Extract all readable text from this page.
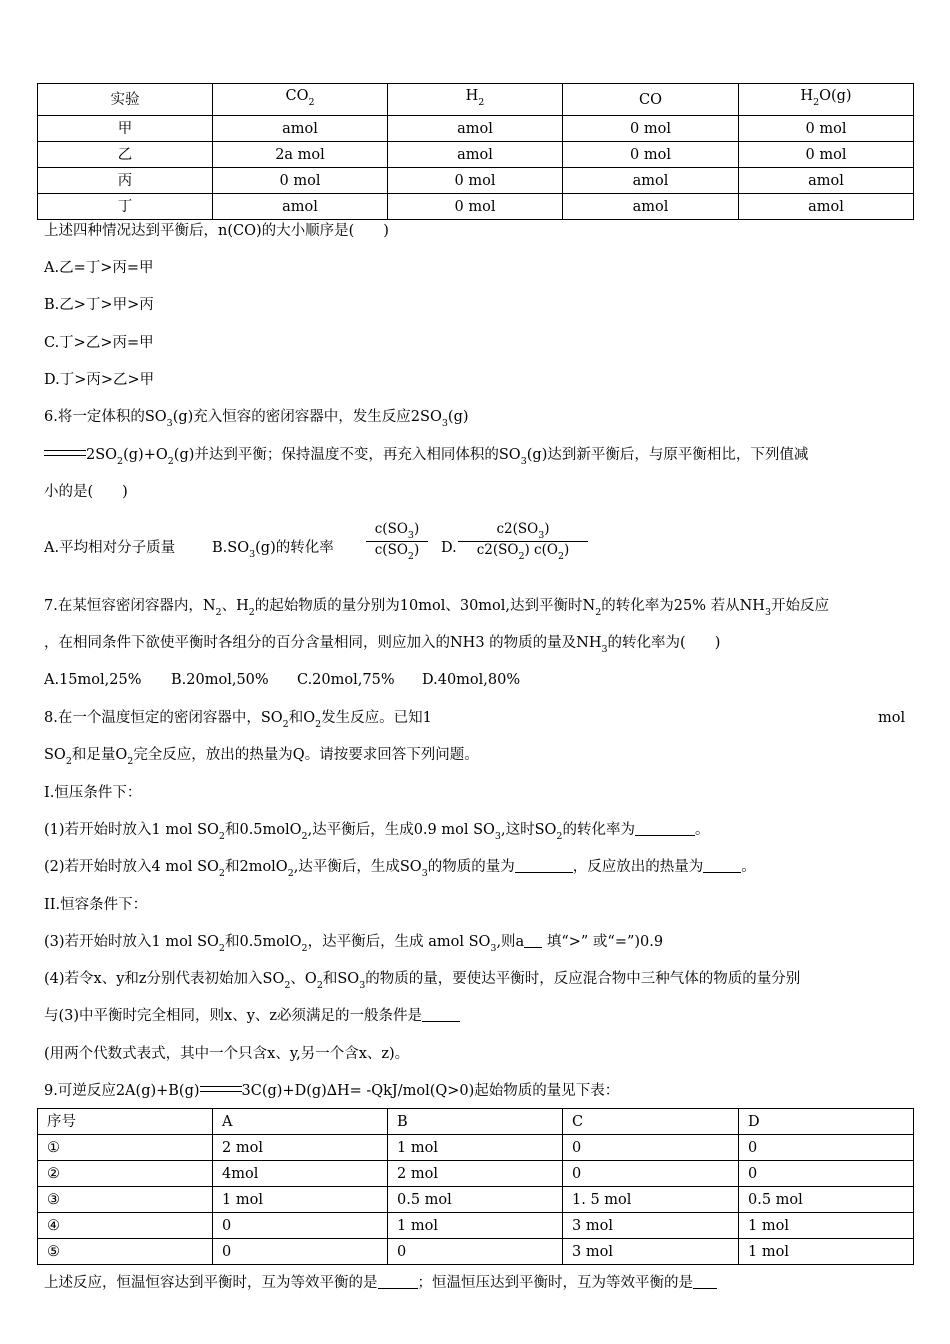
实验	$CO_2$	$H_2$	CO	$H_2O(g)$
甲	amol	amol	0 mol	0 mol
乙	2a mol	amol	0 mol	0 mol
丙	0 mol	0 mol	amol	amol
丁	amol	0 mol	amol	amol
上述四种情况达到平衡后，n(CO)的大小顺序是(　　)
A.乙=丁>丙=甲
B.乙>丁>甲>丙
C.丁>乙>丙=甲
D.丁>丙>乙>甲
6.将一定体积的$SO_3(g)$充入恒容的密闭容器中，发生反应$2SO_3(g)$
$2SO_2(g)+O_2(g)$并达到平衡；保持温度不变，再充入相同体积的$SO_3(g)$达到新平衡后，与原平衡相比，下列值减
小的是(　　)
A.平均相对分子质量	$B.SO_3(g)$的转化率 $\frac{c(SO_3)}{c(SO_2)} D$. $\frac{c2(SO_3)}{c2(SO_2) c(O_2)}$
7.在某恒容密闭容器内，$N_2$、$H_2$的起始物质的量分别为10mol、30mol,达到平衡时$N_2$的转化率为25% 若从$NH_3$开始反应
，在相同条件下欲使平衡时各组分的百分含量相同，则应加入的NH3 的物质的量及$NH_3$的转化率为(　　)
A.15mol,25% B.20mol,50% C.20mol,75% D.40mol,80%
8.在一个温度恒定的密闭容器中，$SO_2$和$O_2$发生反应。已知1	mol
$SO_2$和足量$O_2$完全反应，放出的热量为Q。请按要求回答下列问题。
I.恒压条件下：
(1)若开始时放入1 mol $SO_2$和0.5molO$_2$,达平衡后，生成0.9 mol $SO_3$,这时$SO_2$的转化率为	。
(2)若开始时放入4 mol $SO_2$和2molO$_2$,达平衡后，生成$SO_3$的物质的量为	，反应放出的热量为	。
II.恒容条件下：
(3)若开始时放入1 mol $SO_2$和0.5molO$_2$，达平衡后，生成 amol $SO_3$,则a 填“>” 或“=”)0.9
(4)若令x、y和z分别代表初始加入$SO_2$、$O_2$和$SO_3$的物质的量，要使达平衡时，反应混合物中三种气体的物质的量分别
与(3)中平衡时完全相同，则x、y、z必须满足的一般条件是
(用两个代数式表式，其中一个只含x、y,另一个含x、z)。
9.可逆反应2A(g)+B(g)	3C(g)+D(g)∆H= -QkJ/mol(Q>0)起始物质的量见下表：
序号	A	B	C	D
①	2 mol	1 mol	0	0
②	4mol	2 mol	0	0
③	1 mol	0.5 mol	1. 5 mol	0.5 mol
④	0	1 mol	3 mol	1 mol
⑤	0	0	3 mol	1 mol
上述反应，恒温恒容达到平衡时，互为等效平衡的是	；恒温恒压达到平衡时，互为等效平衡的是
